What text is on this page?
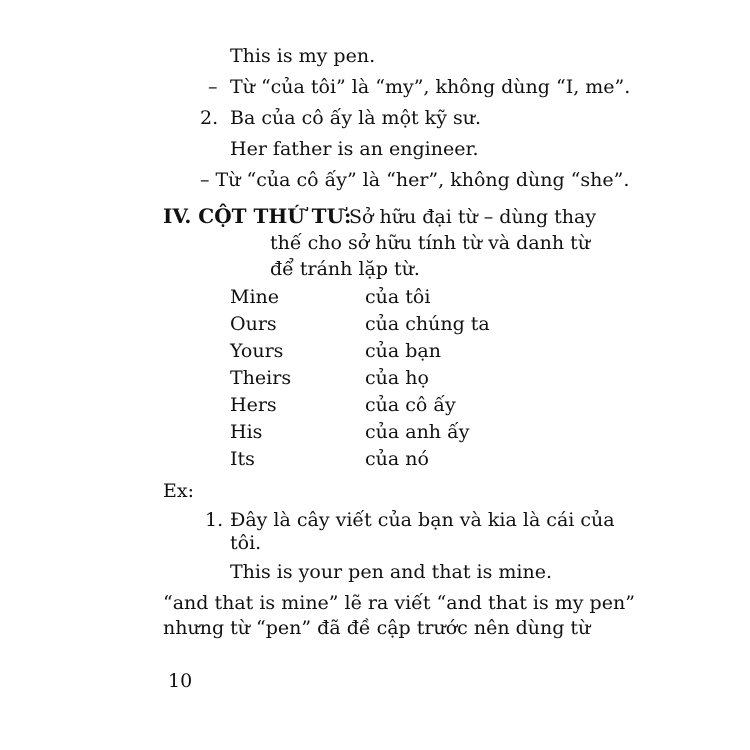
This is my pen.
– Từ “của tôi” là “my”, không dùng “I, me”.
2. Ba của cô ấy là một kỹ sư.
Her father is an engineer.
– Từ “của cô ấy” là “her”, không dùng “she”.
IV. CỘT THỨ TƯ:
Sở hữu đại từ – dùng thay
thế cho sở hữu tính từ và danh từ
để tránh lặp từ.
Mine	của tôi
Ours	của chúng ta
Yours	của bạn
Theirs	của họ
Hers	của cô ấy
His	của anh ấy
Its	của nó
Ex:
1. Đây là cây viết của bạn và kia là cái của
tôi.
This is your pen and that is mine.
“and that is mine” lẽ ra viết “and that is my pen”
nhưng từ “pen” đã đề cập trước nên dùng từ
10
